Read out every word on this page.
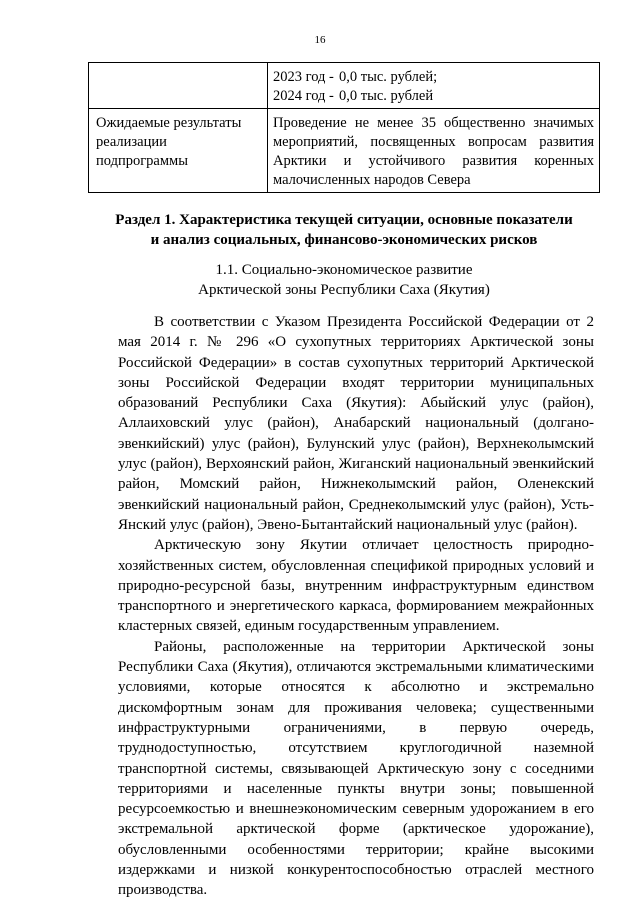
16

	2023 год - 0,0 тыс. рублей;
2024 год - 0,0 тыс. рублей

Ожидаемые результаты реализации подпрограммы	Проведение не менее 35 общественно значимых мероприятий, посвященных вопросам развития Арктики и устойчивого развития коренных малочисленных народов Севера
Раздел 1. Характеристика текущей ситуации, основные показатели
и анализ социальных, финансово-экономических рисков
1.1. Социально-экономическое развитие
Арктической зоны Республики Саха (Якутия)

В соответствии с Указом Президента Российской Федерации от 2 мая 2014 г. № 296 «О сухопутных территориях Арктической зоны Российской Федерации» в состав сухопутных территорий Арктической зоны Российской Федерации входят территории муниципальных образований Республики Саха (Якутия): Абыйский улус (район), Аллаиховский улус (район), Анабарский национальный (долгано-эвенкийский) улус (район), Булунский улус (район), Верхнеколымский улус (район), Верхоянский район, Жиганский национальный эвенкийский район, Момский район, Нижнеколымский район, Оленекский эвенкийский национальный район, Среднеколымский улус (район), Усть-Янский улус (район), Эвено-Бытантайский национальный улус (район).

Арктическую зону Якутии отличает целостность природно-хозяйственных систем, обусловленная спецификой природных условий и природно-ресурсной базы, внутренним инфраструктурным единством транспортного и энергетического каркаса, формированием межрайонных кластерных связей, единым государственным управлением.

Районы, расположенные на территории Арктической зоны Республики Саха (Якутия), отличаются экстремальными климатическими условиями, которые относятся к абсолютно и экстремально дискомфортным зонам для проживания человека; существенными инфраструктурными ограничениями, в первую очередь, труднодоступностью, отсутствием круглогодичной наземной транспортной системы, связывающей Арктическую зону с соседними территориями и населенные пункты внутри зоны; повышенной ресурсоемкостью и внешнеэкономическим северным удорожанием в его экстремальной арктической форме (арктическое удорожание), обусловленными особенностями территории; крайне высокими издержками и низкой конкурентоспособностью отраслей местного производства.
